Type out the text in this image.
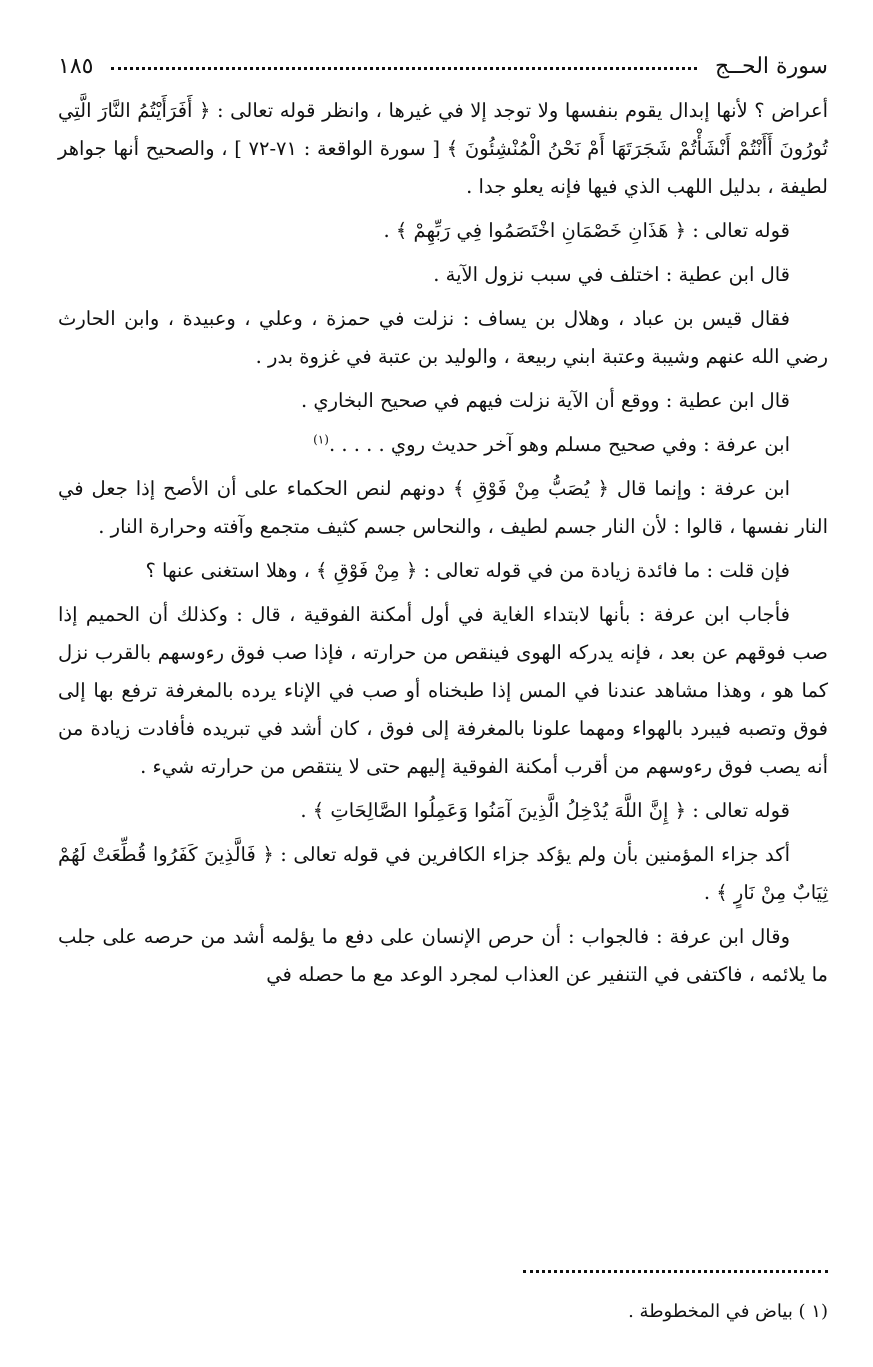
سورة الحــج
١٨٥

أعراض ؟ لأنها إبدال يقوم بنفسها ولا توجد إلا في غيرها ، وانظر قوله تعالى : ﴿ أَفَرَأَيْتُمُ النَّارَ الَّتِي تُورُونَ أَأَنْتُمْ أَنْشَأْتُمْ شَجَرَتَهَا أَمْ نَحْنُ الْمُنْشِئُونَ ﴾ [ سورة الواقعة : ٧١-٧٢ ] ، والصحيح أنها جواهر لطيفة ، بدليل اللهب الذي فيها فإنه يعلو جدا .

قوله تعالى : ﴿ هَذَانِ خَصْمَانِ اخْتَصَمُوا فِي رَبِّهِمْ ﴾ .

قال ابن عطية : اختلف في سبب نزول الآية .

فقال قيس بن عباد ، وهلال بن يساف : نزلت في حمزة ، وعلي ، وعبيدة ، وابن الحارث رضي الله عنهم وشيبة وعتبة ابني ربيعة ، والوليد بن عتبة في غزوة بدر .

قال ابن عطية : ووقع أن الآية نزلت فيهم في صحيح البخاري .

ابن عرفة : وفي صحيح مسلم وهو آخر حديث روي . . . . .$^{(١)}$

ابن عرفة : وإنما قال ﴿ يُصَبُّ مِنْ فَوْقِ ﴾ دونهم لنص الحكماء على أن الأصح إذا جعل في النار نفسها ، قالوا : لأن النار جسم لطيف ، والنحاس جسم كثيف متجمع وآفته وحرارة النار .

فإن قلت : ما فائدة زيادة من في قوله تعالى : ﴿ مِنْ فَوْقِ ﴾ ، وهلا استغنى عنها ؟

فأجاب ابن عرفة : بأنها لابتداء الغاية في أول أمكنة الفوقية ، قال : وكذلك أن الحميم إذا صب فوقهم عن بعد ، فإنه يدركه الهوى فينقص من حرارته ، فإذا صب فوق رءوسهم بالقرب نزل كما هو ، وهذا مشاهد عندنا في المس إذا طبخناه أو صب في الإناء يرده بالمغرفة ترفع بها إلى فوق وتصبه فيبرد بالهواء ومهما علونا بالمغرفة إلى فوق ، كان أشد في تبريده فأفادت زيادة من أنه يصب فوق رءوسهم من أقرب أمكنة الفوقية إليهم حتى لا ينتقص من حرارته شيء .

قوله تعالى : ﴿ إِنَّ اللَّهَ يُدْخِلُ الَّذِينَ آمَنُوا وَعَمِلُوا الصَّالِحَاتِ ﴾ .

أكد جزاء المؤمنين بأن ولم يؤكد جزاء الكافرين في قوله تعالى : ﴿ فَالَّذِينَ كَفَرُوا قُطِّعَتْ لَهُمْ ثِيَابٌ مِنْ نَارٍ ﴾ .

وقال ابن عرفة : فالجواب : أن حرص الإنسان على دفع ما يؤلمه أشد من حرصه على جلب ما يلائمه ، فاكتفى في التنفير عن العذاب لمجرد الوعد مع ما حصله في

(١ ) بياض في المخطوطة .
